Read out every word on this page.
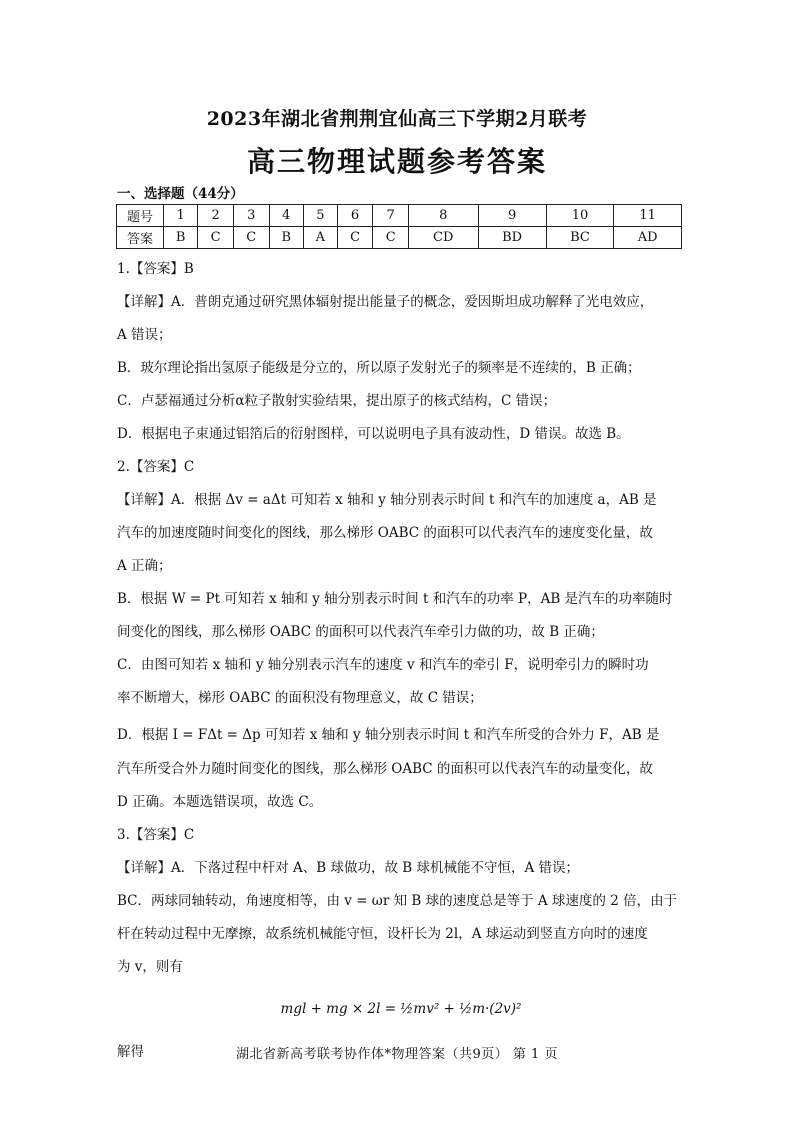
2023年湖北省荆荆宜仙高三下学期2月联考
高三物理试题参考答案
一、选择题（44分）
题号	1	2	3	4	5	6	7	8	9	10	11
答案	B	C	C	B	A	C	C	CD	BD	BC	AD
1.【答案】B
【详解】A．普朗克通过研究黑体辐射提出能量子的概念，爱因斯坦成功解释了光电效应，
A 错误；
B．玻尔理论指出氢原子能级是分立的，所以原子发射光子的频率是不连续的，B 正确；
C．卢瑟福通过分析α粒子散射实验结果，提出原子的核式结构，C 错误；
D．根据电子束通过铝箔后的衍射图样，可以说明电子具有波动性，D 错误。故选 B。
2.【答案】C
【详解】A．根据 Δv = aΔt 可知若 x 轴和 y 轴分别表示时间 t 和汽车的加速度 a，AB 是
汽车的加速度随时间变化的图线，那么梯形 OABC 的面积可以代表汽车的速度变化量，故
A 正确；
B．根据 W = Pt 可知若 x 轴和 y 轴分别表示时间 t 和汽车的功率 P，AB 是汽车的功率随时
间变化的图线，那么梯形 OABC 的面积可以代表汽车牵引力做的功，故 B 正确；
C．由图可知若 x 轴和 y 轴分别表示汽车的速度 v 和汽车的牵引 F，说明牵引力的瞬时功
率不断增大，梯形 OABC 的面积没有物理意义，故 C 错误；
D．根据 I = FΔt = Δp 可知若 x 轴和 y 轴分别表示时间 t 和汽车所受的合外力 F，AB 是
汽车所受合外力随时间变化的图线，那么梯形 OABC 的面积可以代表汽车的动量变化，故
D 正确。本题选错误项，故选 C。
3.【答案】C
【详解】A．下落过程中杆对 A、B 球做功，故 B 球机械能不守恒，A 错误；
BC．两球同轴转动，角速度相等，由 v = ωr 知 B 球的速度总是等于 A 球速度的 2 倍，由于
杆在转动过程中无摩擦，故系统机械能守恒，设杆长为 2l，A 球运动到竖直方向时的速度
为 v，则有
mgl + mg × 2l = ½mv² + ½m·(2v)²
解得	湖北省新高考联考协作体*物理答案（共9页） 第 1 页
